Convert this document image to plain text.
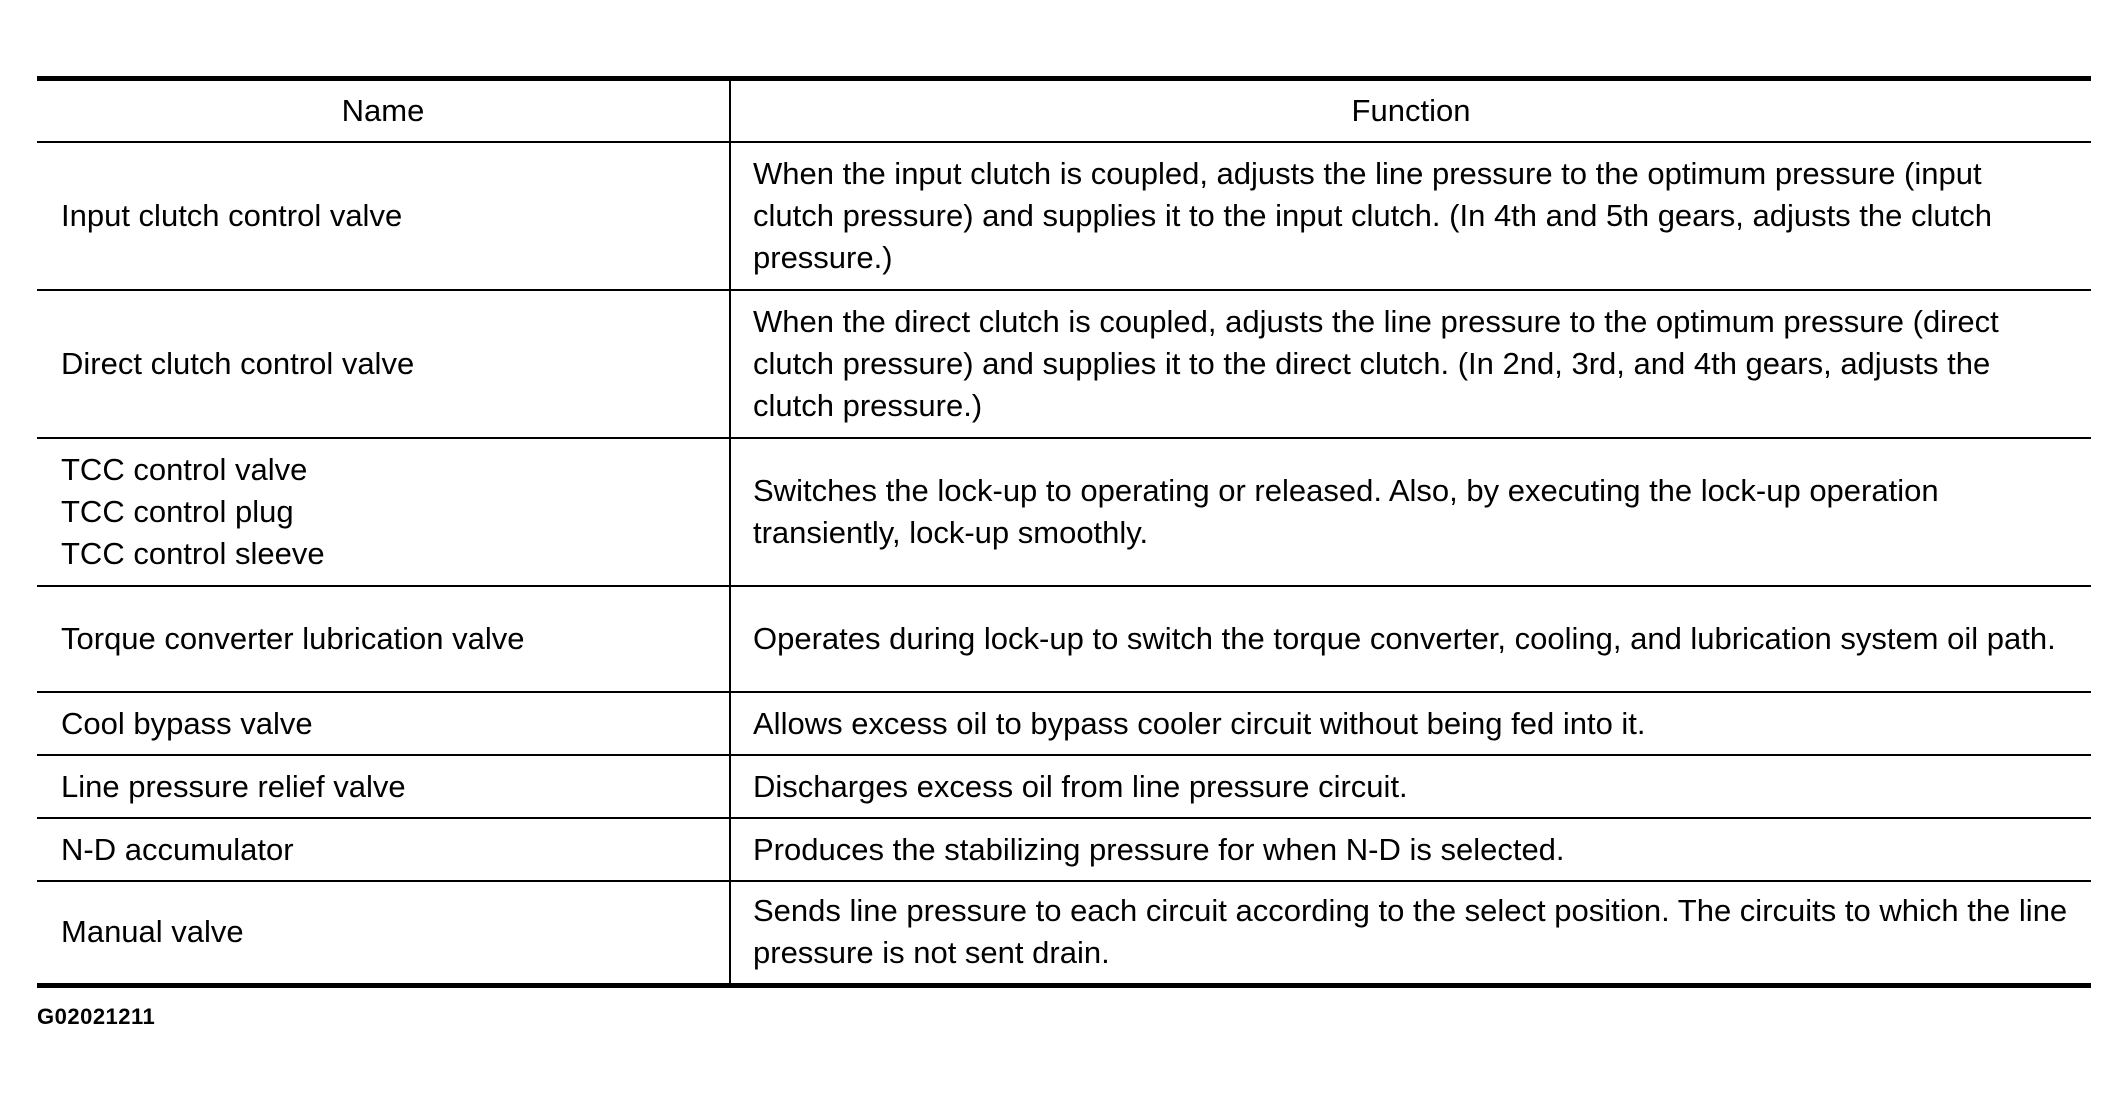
Name	Function

Input clutch control valve	When the input clutch is coupled, adjusts the line pressure to the optimum pressure (input clutch pressure) and supplies it to the input clutch. (In 4th and 5th gears, adjusts the clutch pressure.)

Direct clutch control valve	When the direct clutch is coupled, adjusts the line pressure to the optimum pressure (direct clutch pressure) and supplies it to the direct clutch. (In 2nd, 3rd, and 4th gears, adjusts the clutch pressure.)

TCC control valve
TCC control plug
TCC control sleeve	Switches the lock-up to operating or released. Also, by executing the lock-up operation transiently, lock-up smoothly.

Torque converter lubrication valve	Operates during lock-up to switch the torque converter, cooling, and lubrication system oil path.

Cool bypass valve	Allows excess oil to bypass cooler circuit without being fed into it.

Line pressure relief valve	Discharges excess oil from line pressure circuit.

N-D accumulator	Produces the stabilizing pressure for when N-D is selected.

Manual valve	Sends line pressure to each circuit according to the select position. The circuits to which the line pressure is not sent drain.
G02021211
